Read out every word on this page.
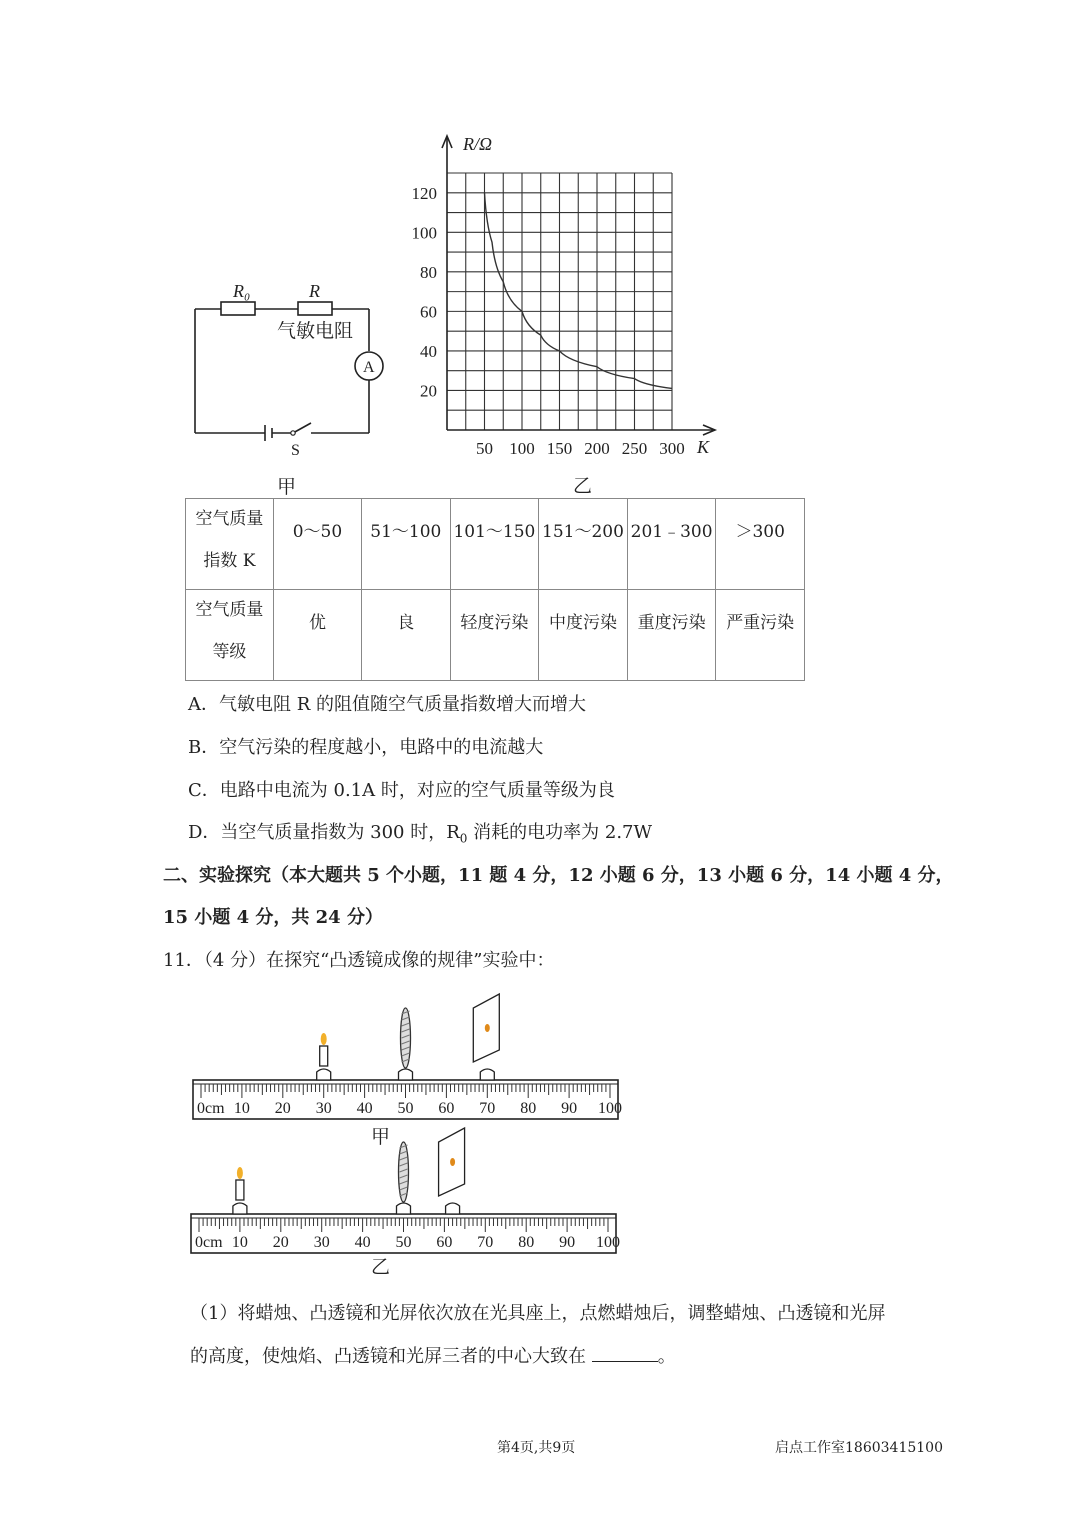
R₀	R
气敏电阻
A
S
甲
20
40
60
80
100
120
50 100 150 200 250 300
R/Ω
K
乙
空气质量
指数 K	0～50	51～100	101～150	151～200	201﹣300	＞300

空气质量
等级	优	良	轻度污染	中度污染	重度污染	严重污染
A．气敏电阻 R 的阻值随空气质量指数增大而增大
B．空气污染的程度越小，电路中的电流越大
C．电路中电流为 0.1A 时，对应的空气质量等级为良
D．当空气质量指数为 300 时，$R_0$ 消耗的电功率为 2.7W
二、实验探究（本大题共 5 个小题，11 题 4 分，12 小题 6 分，13 小题 6 分，14 小题 4 分，
15 小题 4 分，共 24 分）
11．（4 分）在探究“凸透镜成像的规律”实验中：
0cm 10 20 30 40 50 60 70 80 90 100
0cm 10 20 30 40 50 60 70 80 90 100
甲
乙
（1）将蜡烛、凸透镜和光屏依次放在光具座上，点燃蜡烛后，调整蜡烛、凸透镜和光屏
的高度，使烛焰、凸透镜和光屏三者的中心大致在	。
第4页,共9页	启点工作室18603415100
